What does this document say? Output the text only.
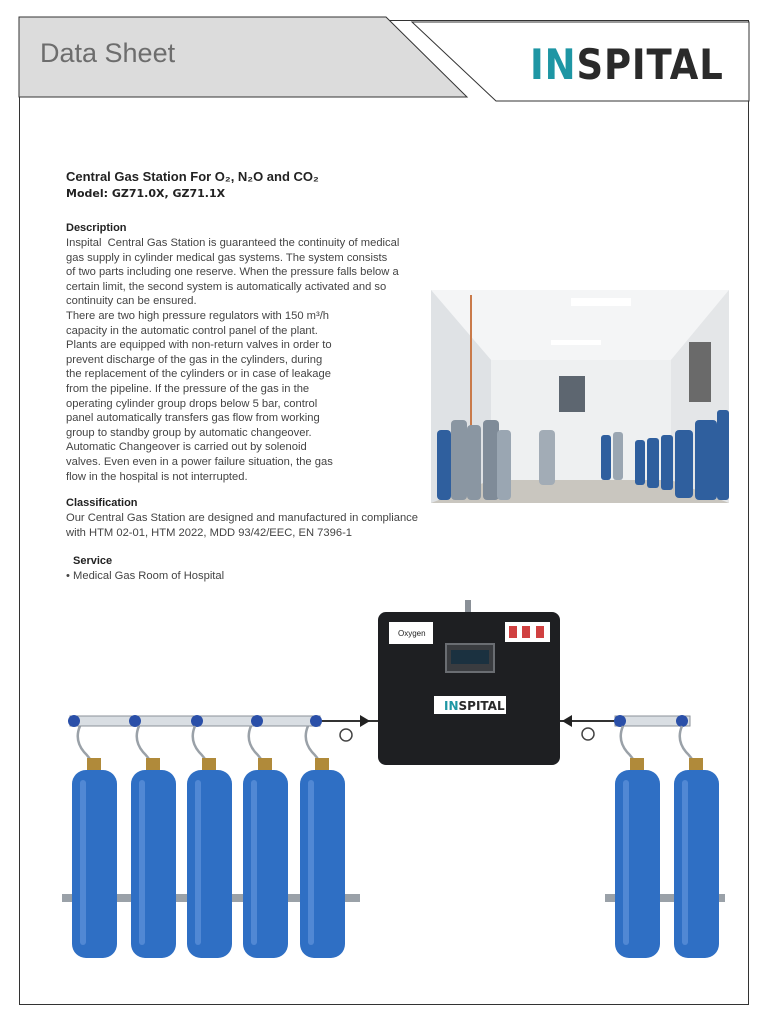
Data Sheet	INSPITAL
Central Gas Station For O₂, N₂O and CO₂
Model: GZ71.0X, GZ71.1X
Description
Inspital  Central Gas Station is guaranteed the continuity of medical
gas supply in cylinder medical gas systems. The system consists
of two parts including one reserve. When the pressure falls below a
certain limit, the second system is automatically activated and so
continuity can be ensured.
There are two high pressure regulators with 150 m³/h
capacity in the automatic control panel of the plant.
Plants are equipped with non-return valves in order to
prevent discharge of the gas in the cylinders, during
the replacement of the cylinders or in case of leakage
from the pipeline. If the pressure of the gas in the
operating cylinder group drops below 5 bar, control
panel automatically transfers gas flow from working
group to standby group by automatic changeover.
Automatic Changeover is carried out by solenoid
valves. Even even in a power failure situation, the gas
flow in the hospital is not interrupted.
Classification
Our Central Gas Station are designed and manufactured in compliance
with HTM 02-01, HTM 2022, MDD 93/42/EEC, EN 7396-1
Service
• Medical Gas Room of Hospital
Oxygen
INSPITAL
